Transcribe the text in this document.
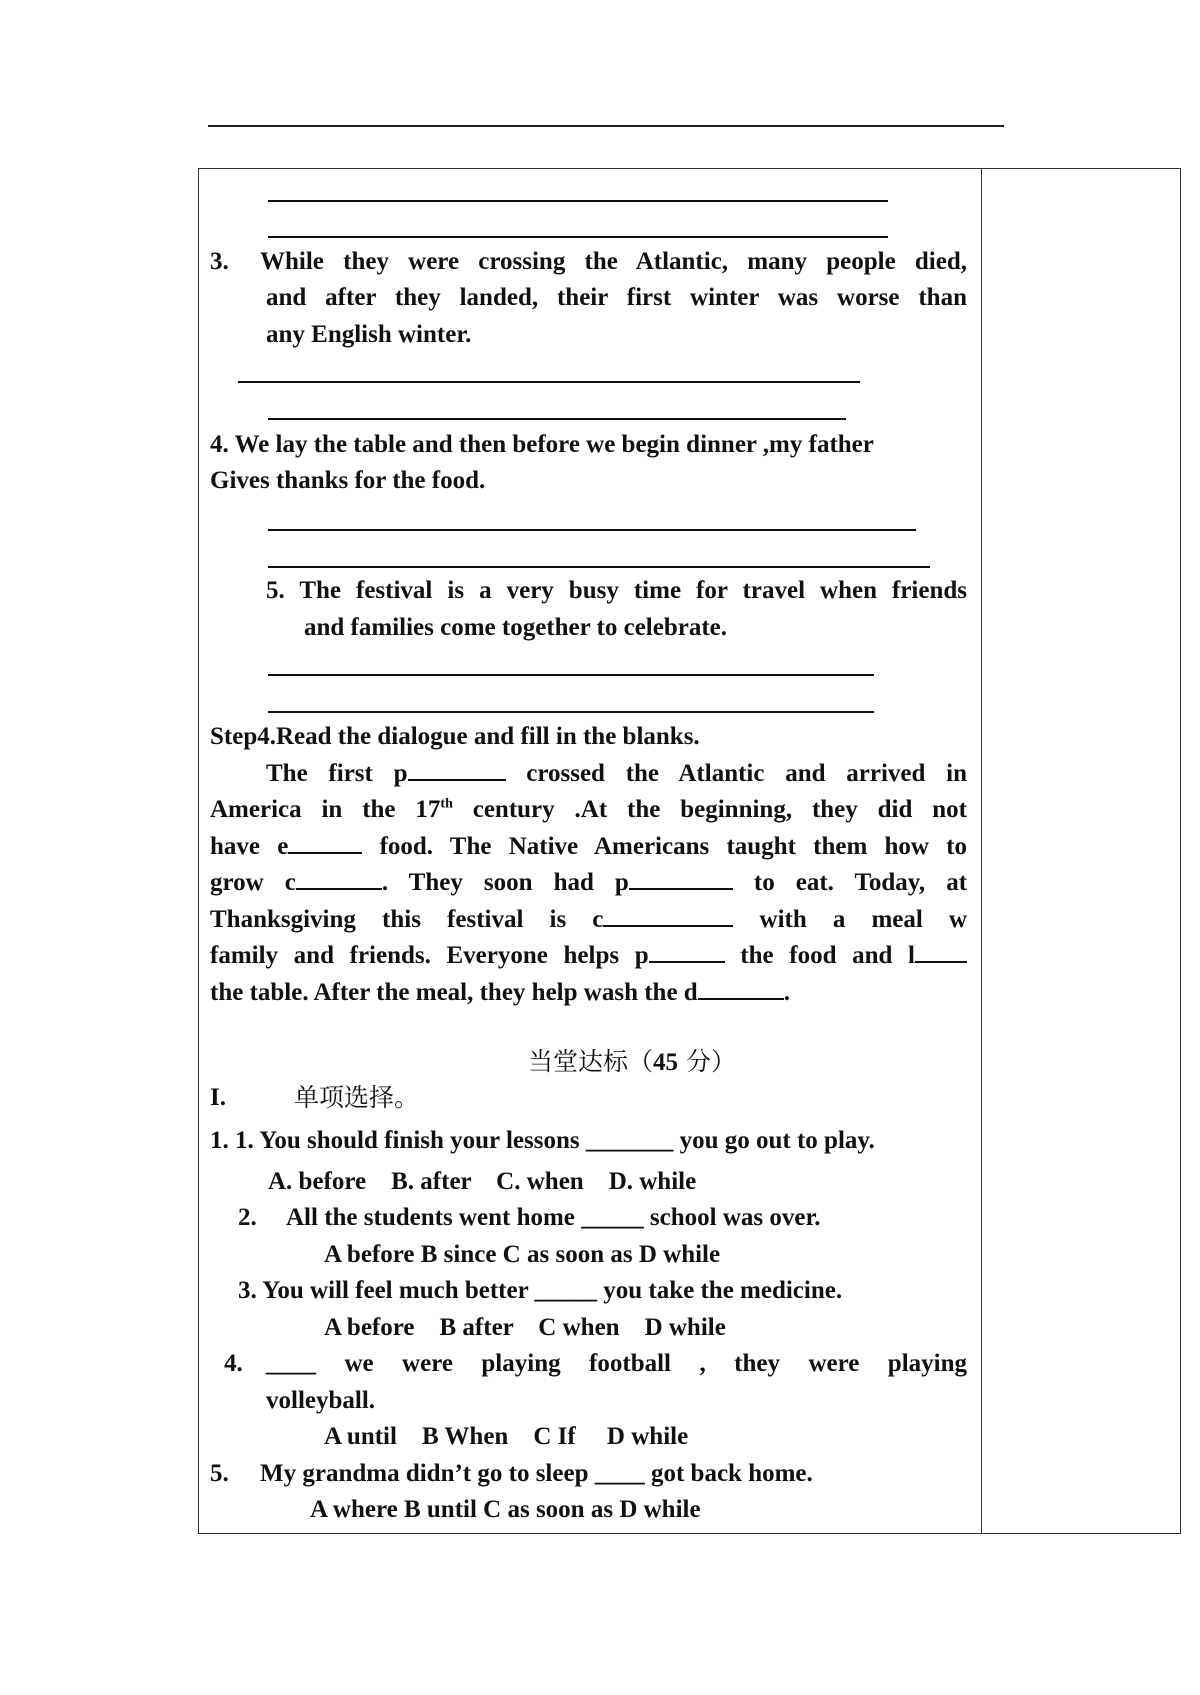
3. While they were crossing the Atlantic, many people died,
and after they landed, their first winter was worse than
any English winter.
4. We lay the table and then before we begin dinner ,my father
Gives thanks for the food.
5. The festival is a very busy time for travel when friends
and families come together to celebrate.
Step4.Read the dialogue and fill in the blanks.
The first p	crossed the Atlantic and arrived in
America in the 17th century .At the beginning, they did not
have e	food. The Native Americans taught them how to
grow c	. They soon had p	to eat. Today, at
Thanksgiving this festival is c	with a meal w
family and friends. Everyone helps p	the food and l
the table. After the meal, they help wash the d	.
当堂达标（45 分）
I.	单项选择。
1. 1. You should finish your lessons _______ you go out to play.
A. before    B. after    C. when    D. while
2. All the students went home _____ school was over.
A before B since C as soon as D while
3. You will feel much better _____ you take the medicine.
A before    B after    C when    D while
4. ____ we were playing football , they were playing
volleyball.
A until    B When    C If     D while
5. My grandma didn’t go to sleep ____ got back home.
A where B until C as soon as D while
